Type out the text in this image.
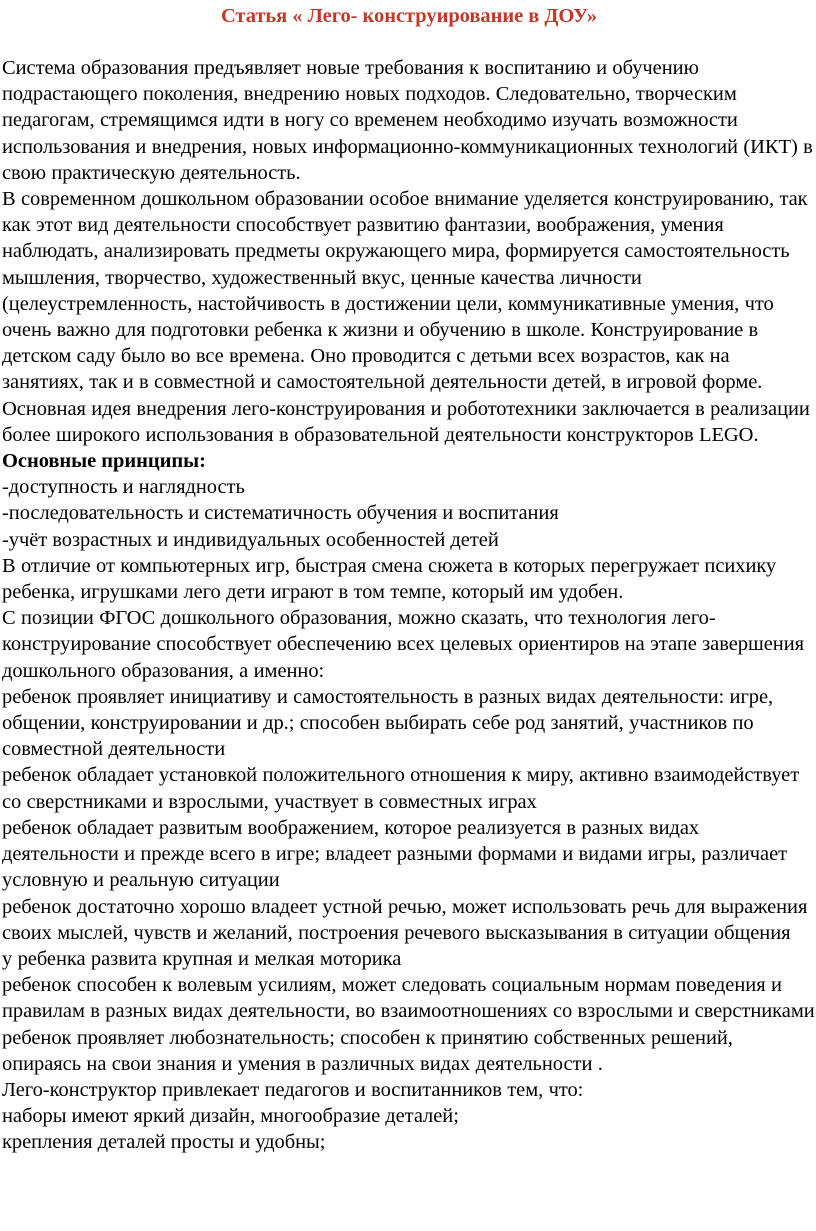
Статья « Лего- конструирование в ДОУ»

Система образования предъявляет новые требования к воспитанию и обучению подрастающего поколения, внедрению новых подходов. Следовательно, творческим педагогам, стремящимся идти в ногу со временем необходимо изучать возможности использования и внедрения, новых информационно-коммуникационных технологий (ИКТ) в свою практическую деятельность.

В современном дошкольном образовании особое внимание уделяется конструированию, так как этот вид деятельности способствует развитию фантазии, воображения, умения наблюдать, анализировать предметы окружающего мира, формируется самостоятельность мышления, творчество, художественный вкус, ценные качества личности (целеустремленность, настойчивость в достижении цели, коммуникативные умения, что очень важно для подготовки ребенка к жизни и обучению в школе. Конструирование в детском саду было во все времена. Оно проводится с детьми всех возрастов, как на занятиях, так и в совместной и самостоятельной деятельности детей, в игровой форме. Основная идея внедрения лего-конструирования и робототехники заключается в реализации более широкого использования в образовательной деятельности конструкторов LEGO.

Основные принципы:

-доступность и наглядность

-последовательность и систематичность обучения и воспитания

-учёт возрастных и индивидуальных особенностей детей

В отличие от компьютерных игр, быстрая смена сюжета в которых перегружает психику ребенка, игрушками лего дети играют в том темпе, который им удобен.

С позиции ФГОС дошкольного образования, можно сказать, что технология лего-конструирование способствует обеспечению всех целевых ориентиров на этапе завершения дошкольного образования, а именно:

ребенок проявляет инициативу и самостоятельность в разных видах деятельности: игре, общении, конструировании и др.; способен выбирать себе род занятий, участников по совместной деятельности

ребенок обладает установкой положительного отношения к миру, активно взаимодействует со сверстниками и взрослыми, участвует в совместных играх

ребенок обладает развитым воображением, которое реализуется в разных видах деятельности и прежде всего в игре; владеет разными формами и видами игры, различает условную и реальную ситуации

ребенок достаточно хорошо владеет устной речью, может использовать речь для выражения своих мыслей, чувств и желаний, построения речевого высказывания в ситуации общения

у ребенка развита крупная и мелкая моторика

ребенок способен к волевым усилиям, может следовать социальным нормам поведения и правилам в разных видах деятельности, во взаимоотношениях со взрослыми и сверстниками

ребенок проявляет любознательность; способен к принятию собственных решений, опираясь на свои знания и умения в различных видах деятельности .

Лего-конструктор привлекает педагогов и воспитанников тем, что:

наборы имеют яркий дизайн, многообразие деталей;

крепления деталей просты и удобны;
